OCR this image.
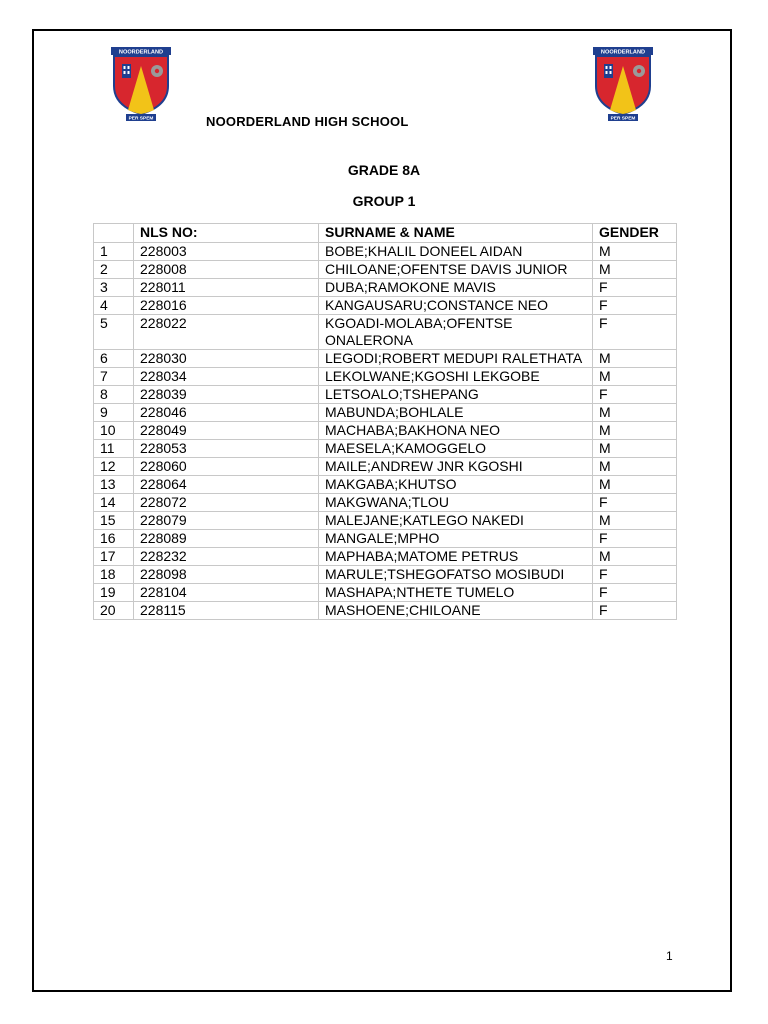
NOORDERLAND
PER SPEM
NOORDERLAND
PER SPEM
NOORDERLAND HIGH SCHOOL
GRADE 8A
GROUP 1
	NLS NO:	SURNAME & NAME	GENDER
1	228003	BOBE;KHALIL DONEEL AIDAN	M
2	228008	CHILOANE;OFENTSE DAVIS JUNIOR	M
3	228011	DUBA;RAMOKONE MAVIS	F
4	228016	KANGAUSARU;CONSTANCE NEO	F
5	228022	KGOADI-MOLABA;OFENTSE ONALERONA	F
6	228030	LEGODI;ROBERT MEDUPI RALETHATA	M
7	228034	LEKOLWANE;KGOSHI LEKGOBE	M
8	228039	LETSOALO;TSHEPANG	F
9	228046	MABUNDA;BOHLALE	M
10	228049	MACHABA;BAKHONA NEO	M
11	228053	MAESELA;KAMOGGELO	M
12	228060	MAILE;ANDREW JNR KGOSHI	M
13	228064	MAKGABA;KHUTSO	M
14	228072	MAKGWANA;TLOU	F
15	228079	MALEJANE;KATLEGO NAKEDI	M
16	228089	MANGALE;MPHO	F
17	228232	MAPHABA;MATOME PETRUS	M
18	228098	MARULE;TSHEGOFATSO MOSIBUDI	F
19	228104	MASHAPA;NTHETE TUMELO	F
20	228115	MASHOENE;CHILOANE	F
1
